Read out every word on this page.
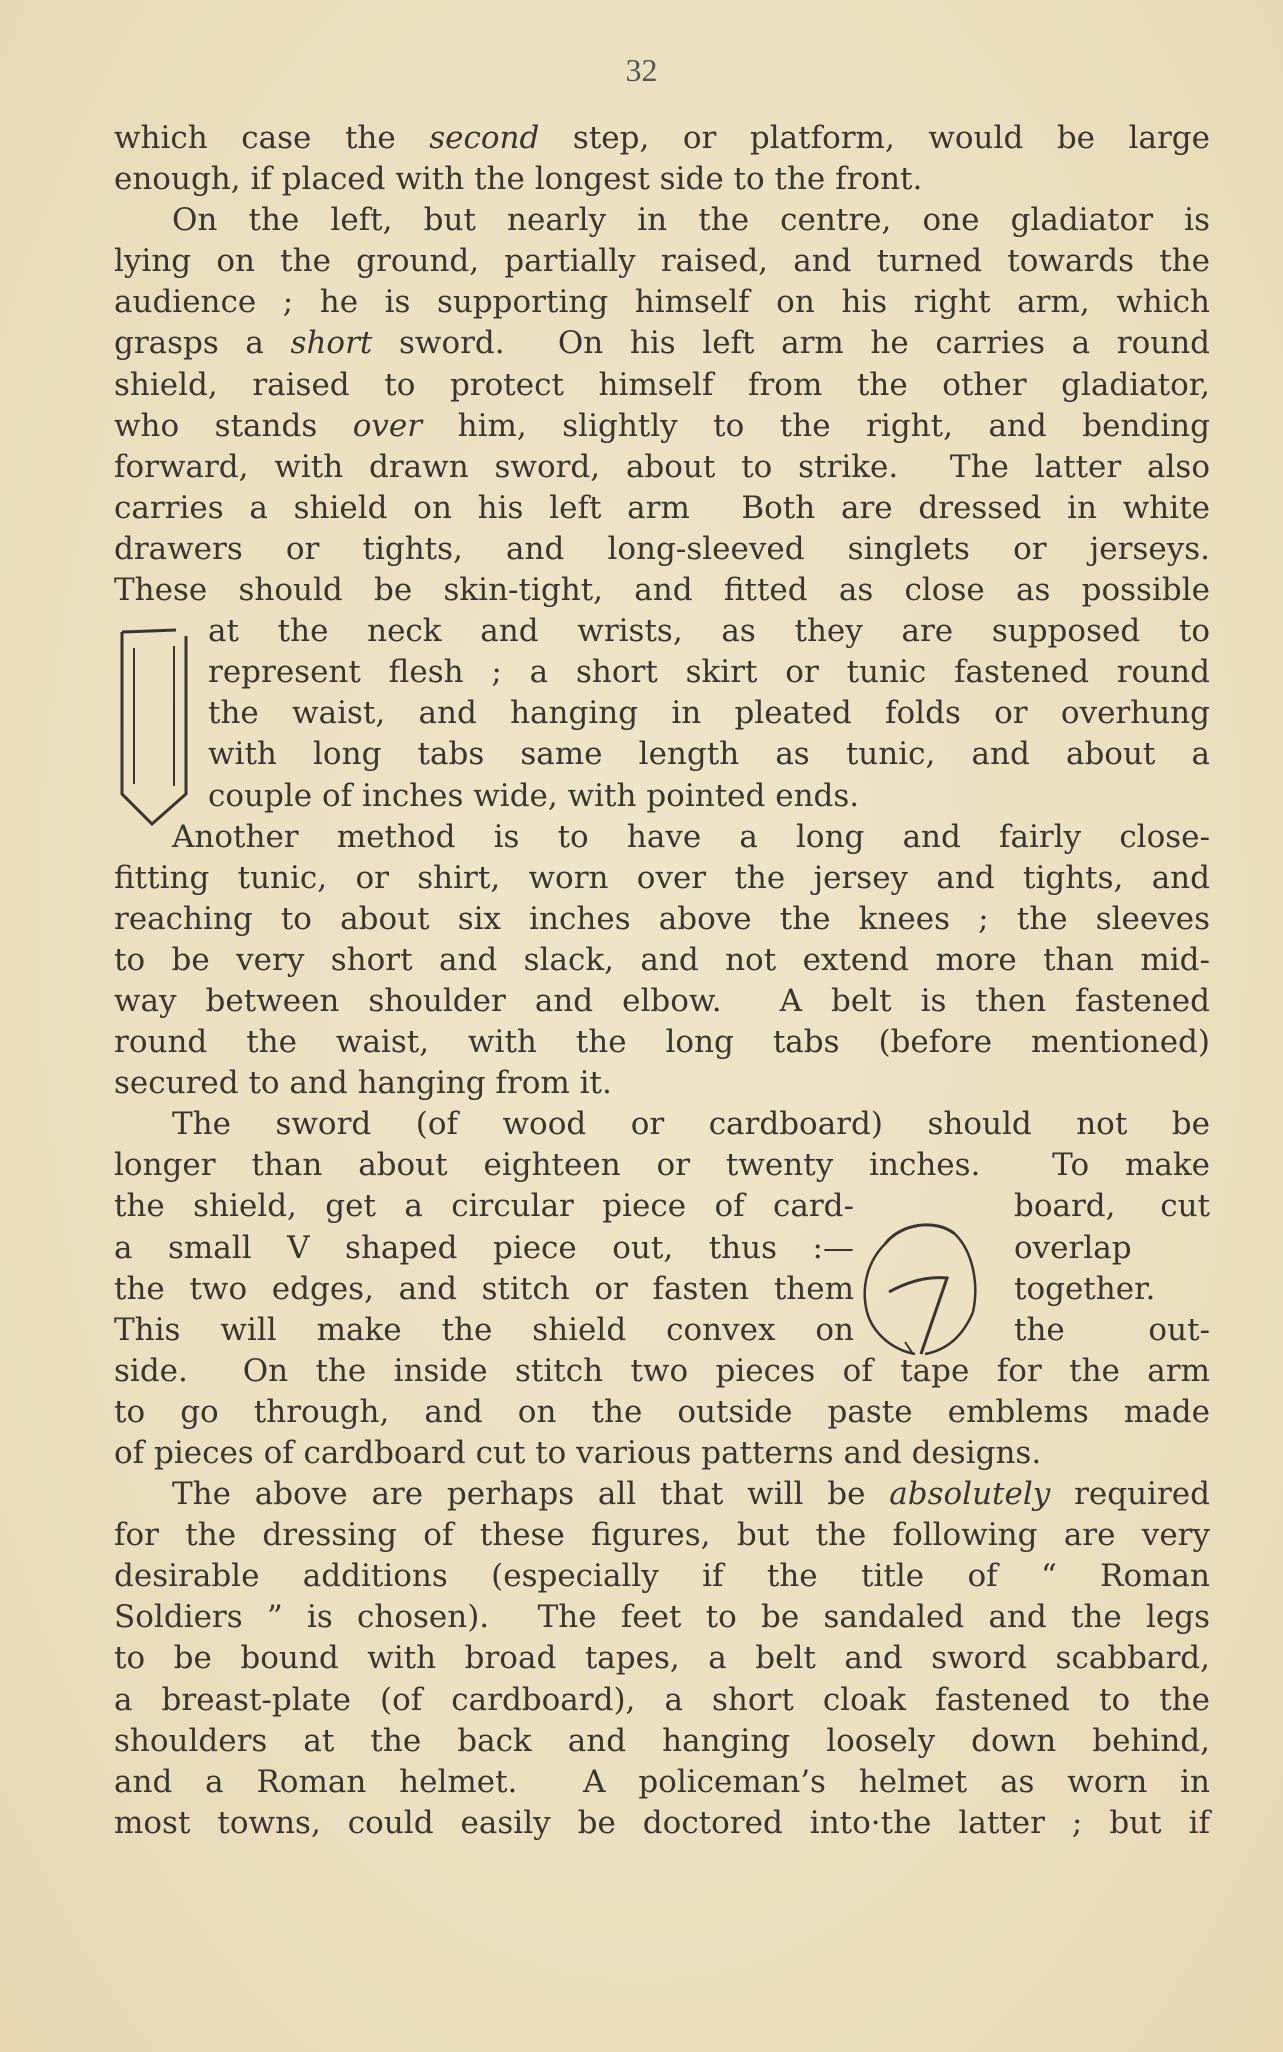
32
which case the second step, or platform, would be large
enough, if placed with the longest side to the front.
On the left, but nearly in the centre, one gladiator is
lying on the ground, partially raised, and turned towards the
audience ; he is supporting himself on his right arm, which
grasps a short sword.  On his left arm he carries a round
shield, raised to protect himself from the other gladiator,
who stands over him, slightly to the right, and bending
forward, with drawn sword, about to strike.  The latter also
carries a shield on his left arm  Both are dressed in white
drawers or tights, and long-sleeved singlets or jerseys.
These should be skin-tight, and fitted as close as possible
at the neck and wrists, as they are supposed to
represent flesh ; a short skirt or tunic fastened round
the waist, and hanging in pleated folds or overhung
with long tabs same length as tunic, and about a
couple of inches wide, with pointed ends.
Another method is to have a long and fairly close-
fitting tunic, or shirt, worn over the jersey and tights, and
reaching to about six inches above the knees ; the sleeves
to be very short and slack, and not extend more than mid-
way between shoulder and elbow.  A belt is then fastened
round the waist, with the long tabs (before mentioned)
secured to and hanging from it.
The sword (of wood or cardboard) should not be
longer than about eighteen or twenty inches.  To make
the shield, get a circular piece of card-	board, cut
a small V shaped piece out, thus :—	overlap
the two edges, and stitch or fasten them	together.
This will make the shield convex on	the out-
side.  On the inside stitch two pieces of tape for the arm
to go through, and on the outside paste emblems made
of pieces of cardboard cut to various patterns and designs.
The above are perhaps all that will be absolutely required
for the dressing of these figures, but the following are very
desirable additions (especially if the title of “ Roman
Soldiers ” is chosen).  The feet to be sandaled and the legs
to be bound with broad tapes, a belt and sword scabbard,
a breast-plate (of cardboard), a short cloak fastened to the
shoulders at the back and hanging loosely down behind,
and a Roman helmet.  A policeman’s helmet as worn in
most towns, could easily be doctored into·the latter ; but if
